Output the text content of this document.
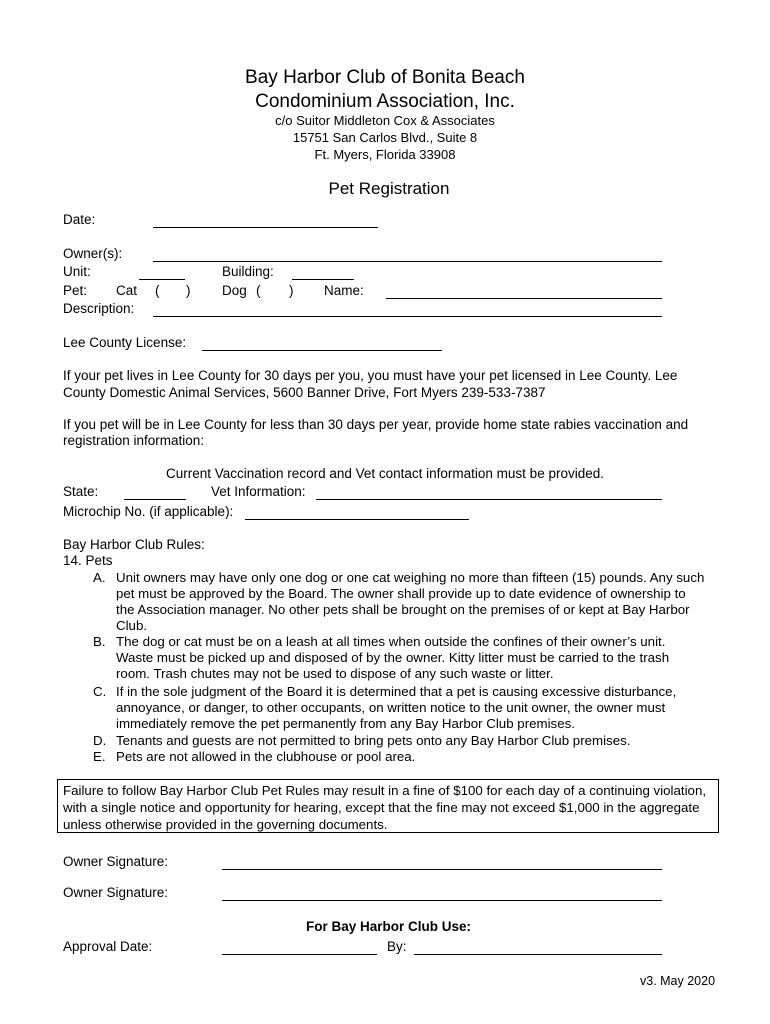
Bay Harbor Club of Bonita Beach
Condominium Association, Inc.
c/o Suitor Middleton Cox & Associates
15751 San Carlos Blvd., Suite 8
Ft. Myers, Florida 33908
Pet Registration
Date:
Owner(s):
Unit:	Building:
Pet: Cat ( ) Dog ( ) Name:
Description:
Lee County License:
If your pet lives in Lee County for 30 days per you, you must have your pet licensed in Lee County. Lee
County Domestic Animal Services, 5600 Banner Drive, Fort Myers 239-533-7387
If you pet will be in Lee County for less than 30 days per year, provide home state rabies vaccination and
registration information:
Current Vaccination record and Vet contact information must be provided.
State:	Vet Information:
Microchip No. (if applicable):
Bay Harbor Club Rules:
14. Pets
A. Unit owners may have only one dog or one cat weighing no more than fifteen (15) pounds. Any such pet must be approved by the Board. The owner shall provide up to date evidence of ownership to the Association manager. No other pets shall be brought on the premises of or kept at Bay Harbor Club.
B. The dog or cat must be on a leash at all times when outside the confines of their owner’s unit. Waste must be picked up and disposed of by the owner. Kitty litter must be carried to the trash room. Trash chutes may not be used to dispose of any such waste or litter.
C. If in the sole judgment of the Board it is determined that a pet is causing excessive disturbance, annoyance, or danger, to other occupants, on written notice to the unit owner, the owner must immediately remove the pet permanently from any Bay Harbor Club premises.
D. Tenants and guests are not permitted to bring pets onto any Bay Harbor Club premises.
E. Pets are not allowed in the clubhouse or pool area.
Failure to follow Bay Harbor Club Pet Rules may result in a fine of $100 for each day of a continuing violation, with a single notice and opportunity for hearing, except that the fine may not exceed $1,000 in the aggregate unless otherwise provided in the governing documents.
Owner Signature:
Owner Signature:
For Bay Harbor Club Use:
Approval Date:	By:
v3. May 2020
